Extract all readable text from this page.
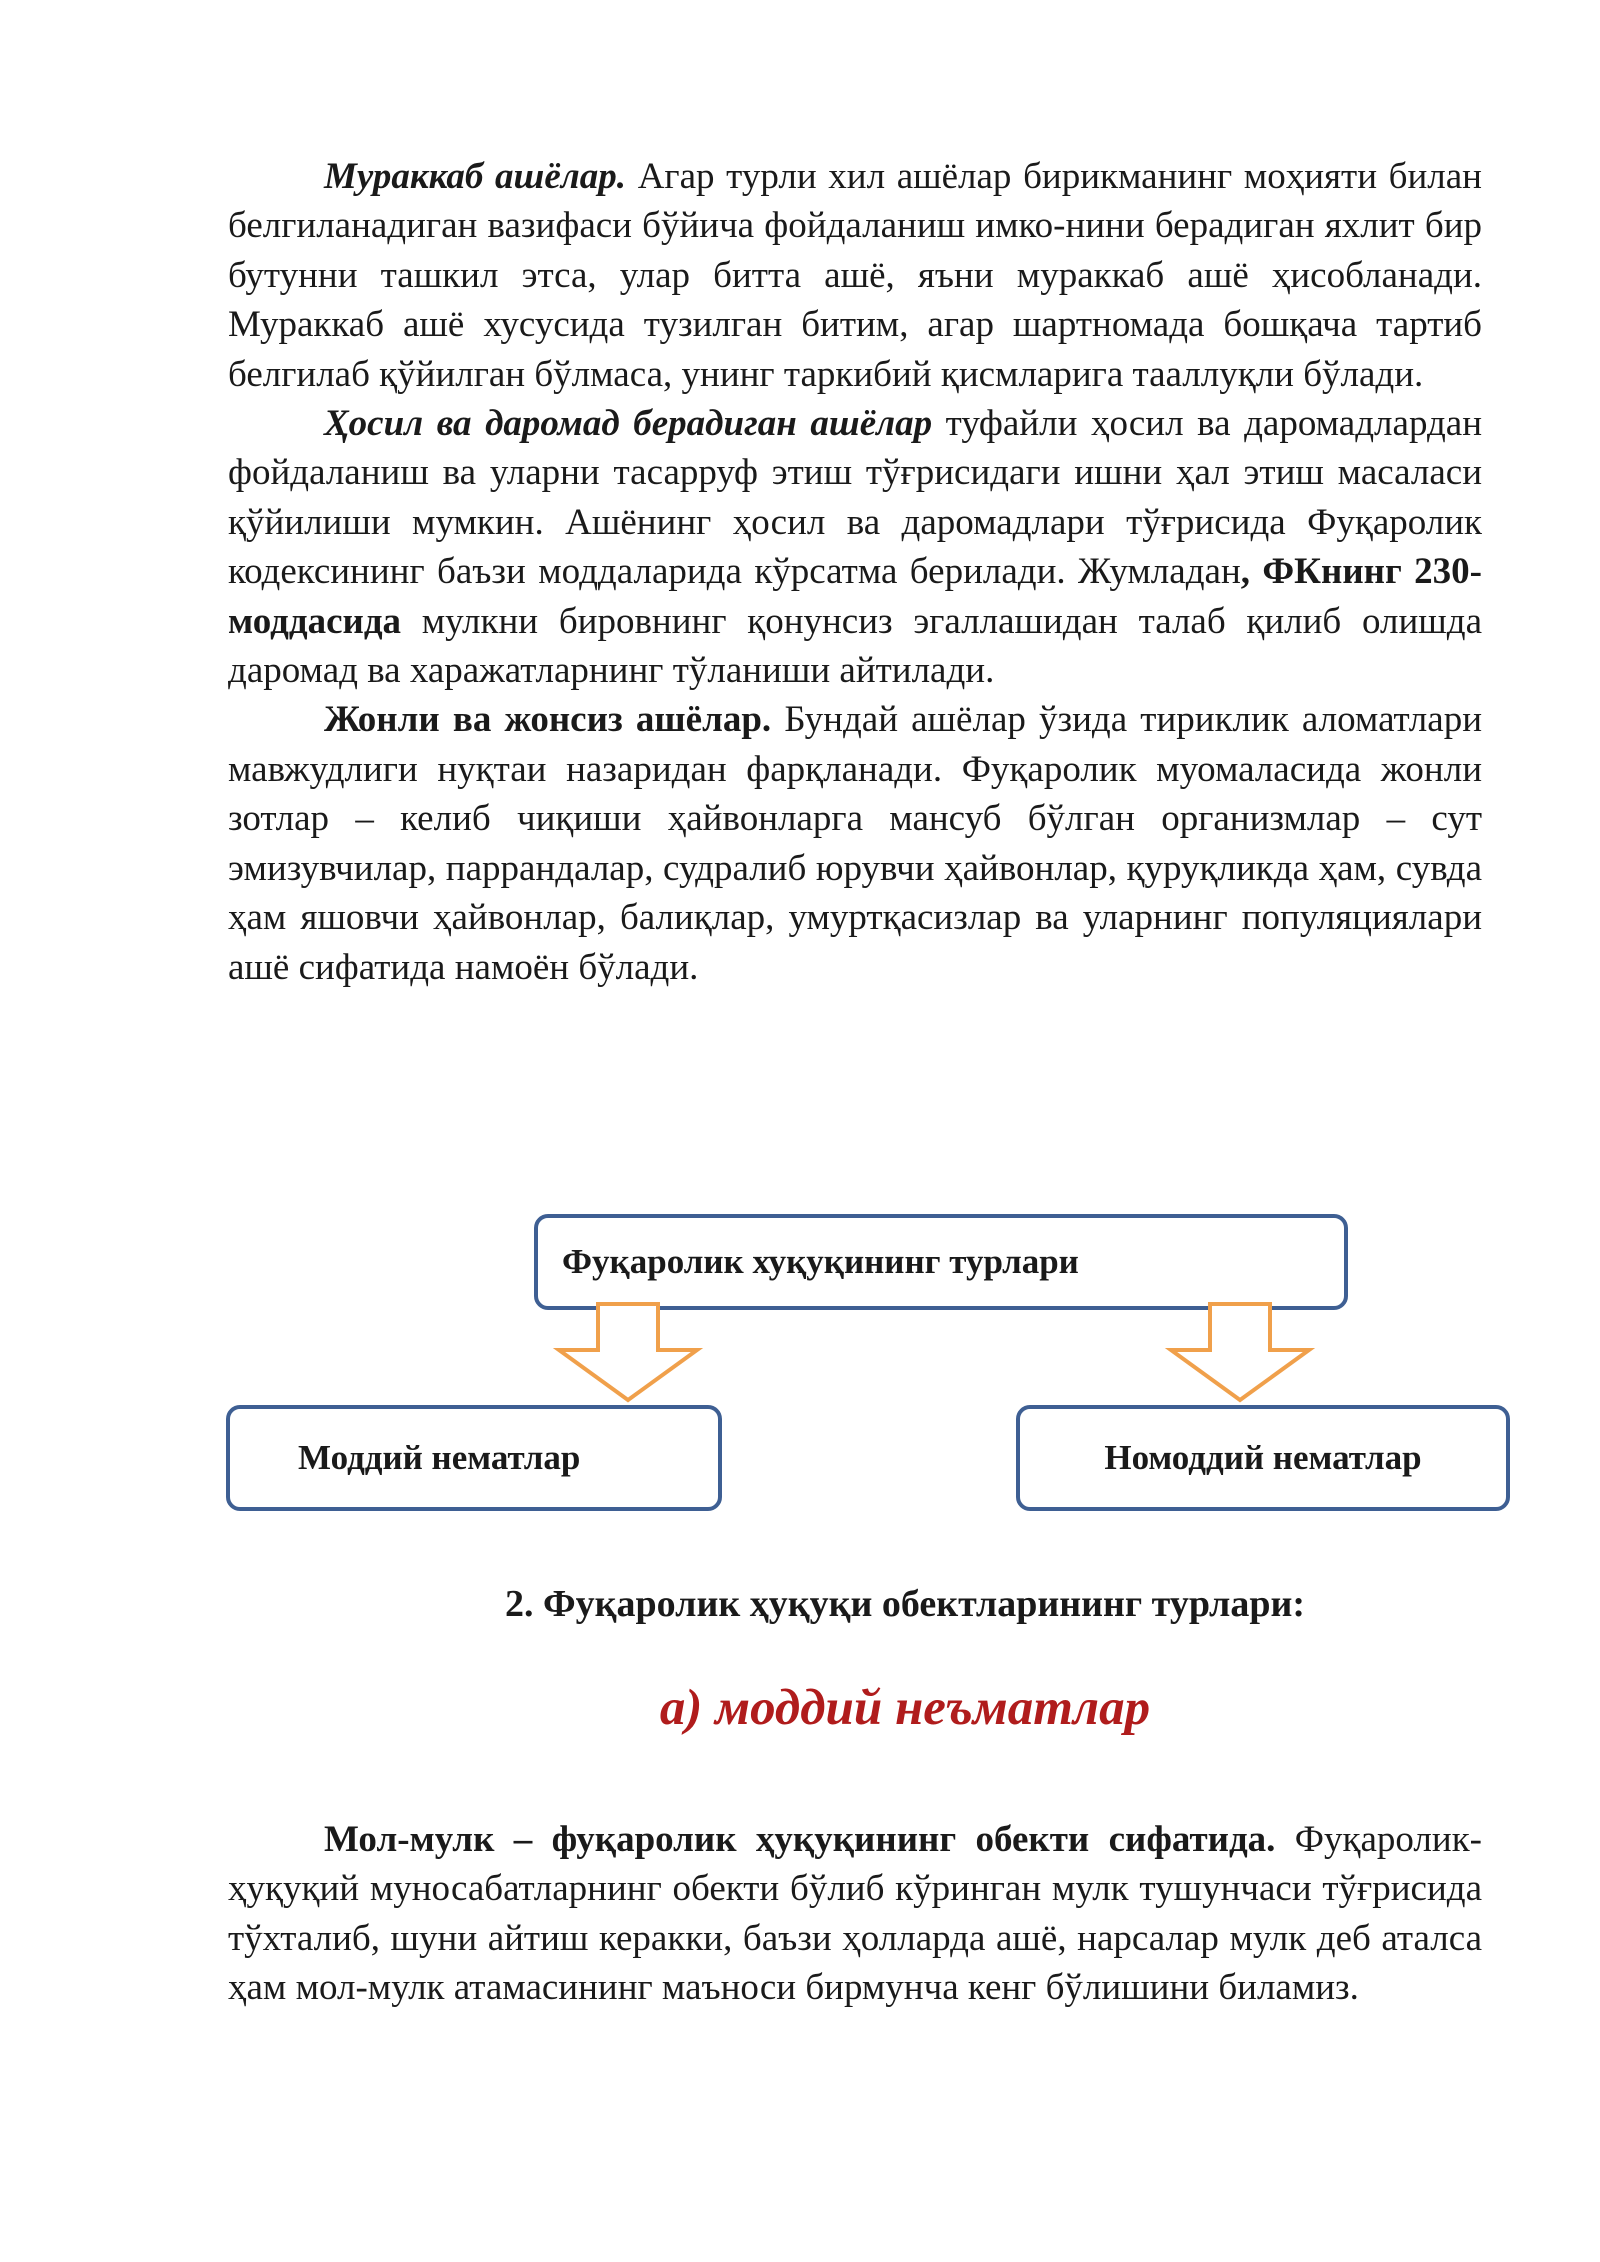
Мураккаб ашёлар. Агар турли хил ашёлар бирикманинг моҳияти билан белгиланадиган вазифаси бўйича фойдаланиш имко-нини берадиган яхлит бир бутунни ташкил этса, улар битта ашё, яъни мураккаб ашё ҳисобланади. Мураккаб ашё хусусида тузилган битим, агар шартномада бошқача тартиб белгилаб қўйилган бўлмаса, унинг таркибий қисмларига тааллуқли бўлади.

Ҳосил ва даромад берадиган ашёлар туфайли ҳосил ва даромадлардан фойдаланиш ва уларни тасарруф этиш тўғрисидаги ишни ҳал этиш масаласи қўйилиши мумкин. Ашёнинг ҳосил ва даромадлари тўғрисида Фуқаролик кодексининг баъзи моддаларида кўрсатма берилади. Жумладан, ФКнинг 230-моддасида мулкни бировнинг қонунсиз эгаллашидан талаб қилиб олишда даромад ва харажатларнинг тўланиши айтилади.

Жонли ва жонсиз ашёлар. Бундай ашёлар ўзида тириклик аломатлари мавжудлиги нуқтаи назаридан фарқланади. Фуқаролик муомаласида жонли зотлар – келиб чиқиши ҳайвонларга мансуб бўлган организмлар – сут эмизувчилар, паррандалар, судралиб юрувчи ҳайвонлар, қуруқликда ҳам, сувда ҳам яшовчи ҳайвонлар, балиқлар, умуртқасизлар ва уларнинг популяциялари ашё сифатида намоён бўлади.

Фуқаролик хуқуқининг турлари
Моддий нематлар	Номоддий нематлар
2. Фуқаролик ҳуқуқи обектларининг турлари:
а) моддий неъматлар

Мол-мулк – фуқаролик ҳуқуқининг обекти сифатида. Фуқаролик-ҳуқуқий муносабатларнинг обекти бўлиб кўринган мулк тушунчаси тўғрисида тўхталиб, шуни айтиш керакки, баъзи ҳолларда ашё, нарсалар мулк деб аталса ҳам мол-мулк атамасининг маъноси бирмунча кенг бўлишини биламиз.
